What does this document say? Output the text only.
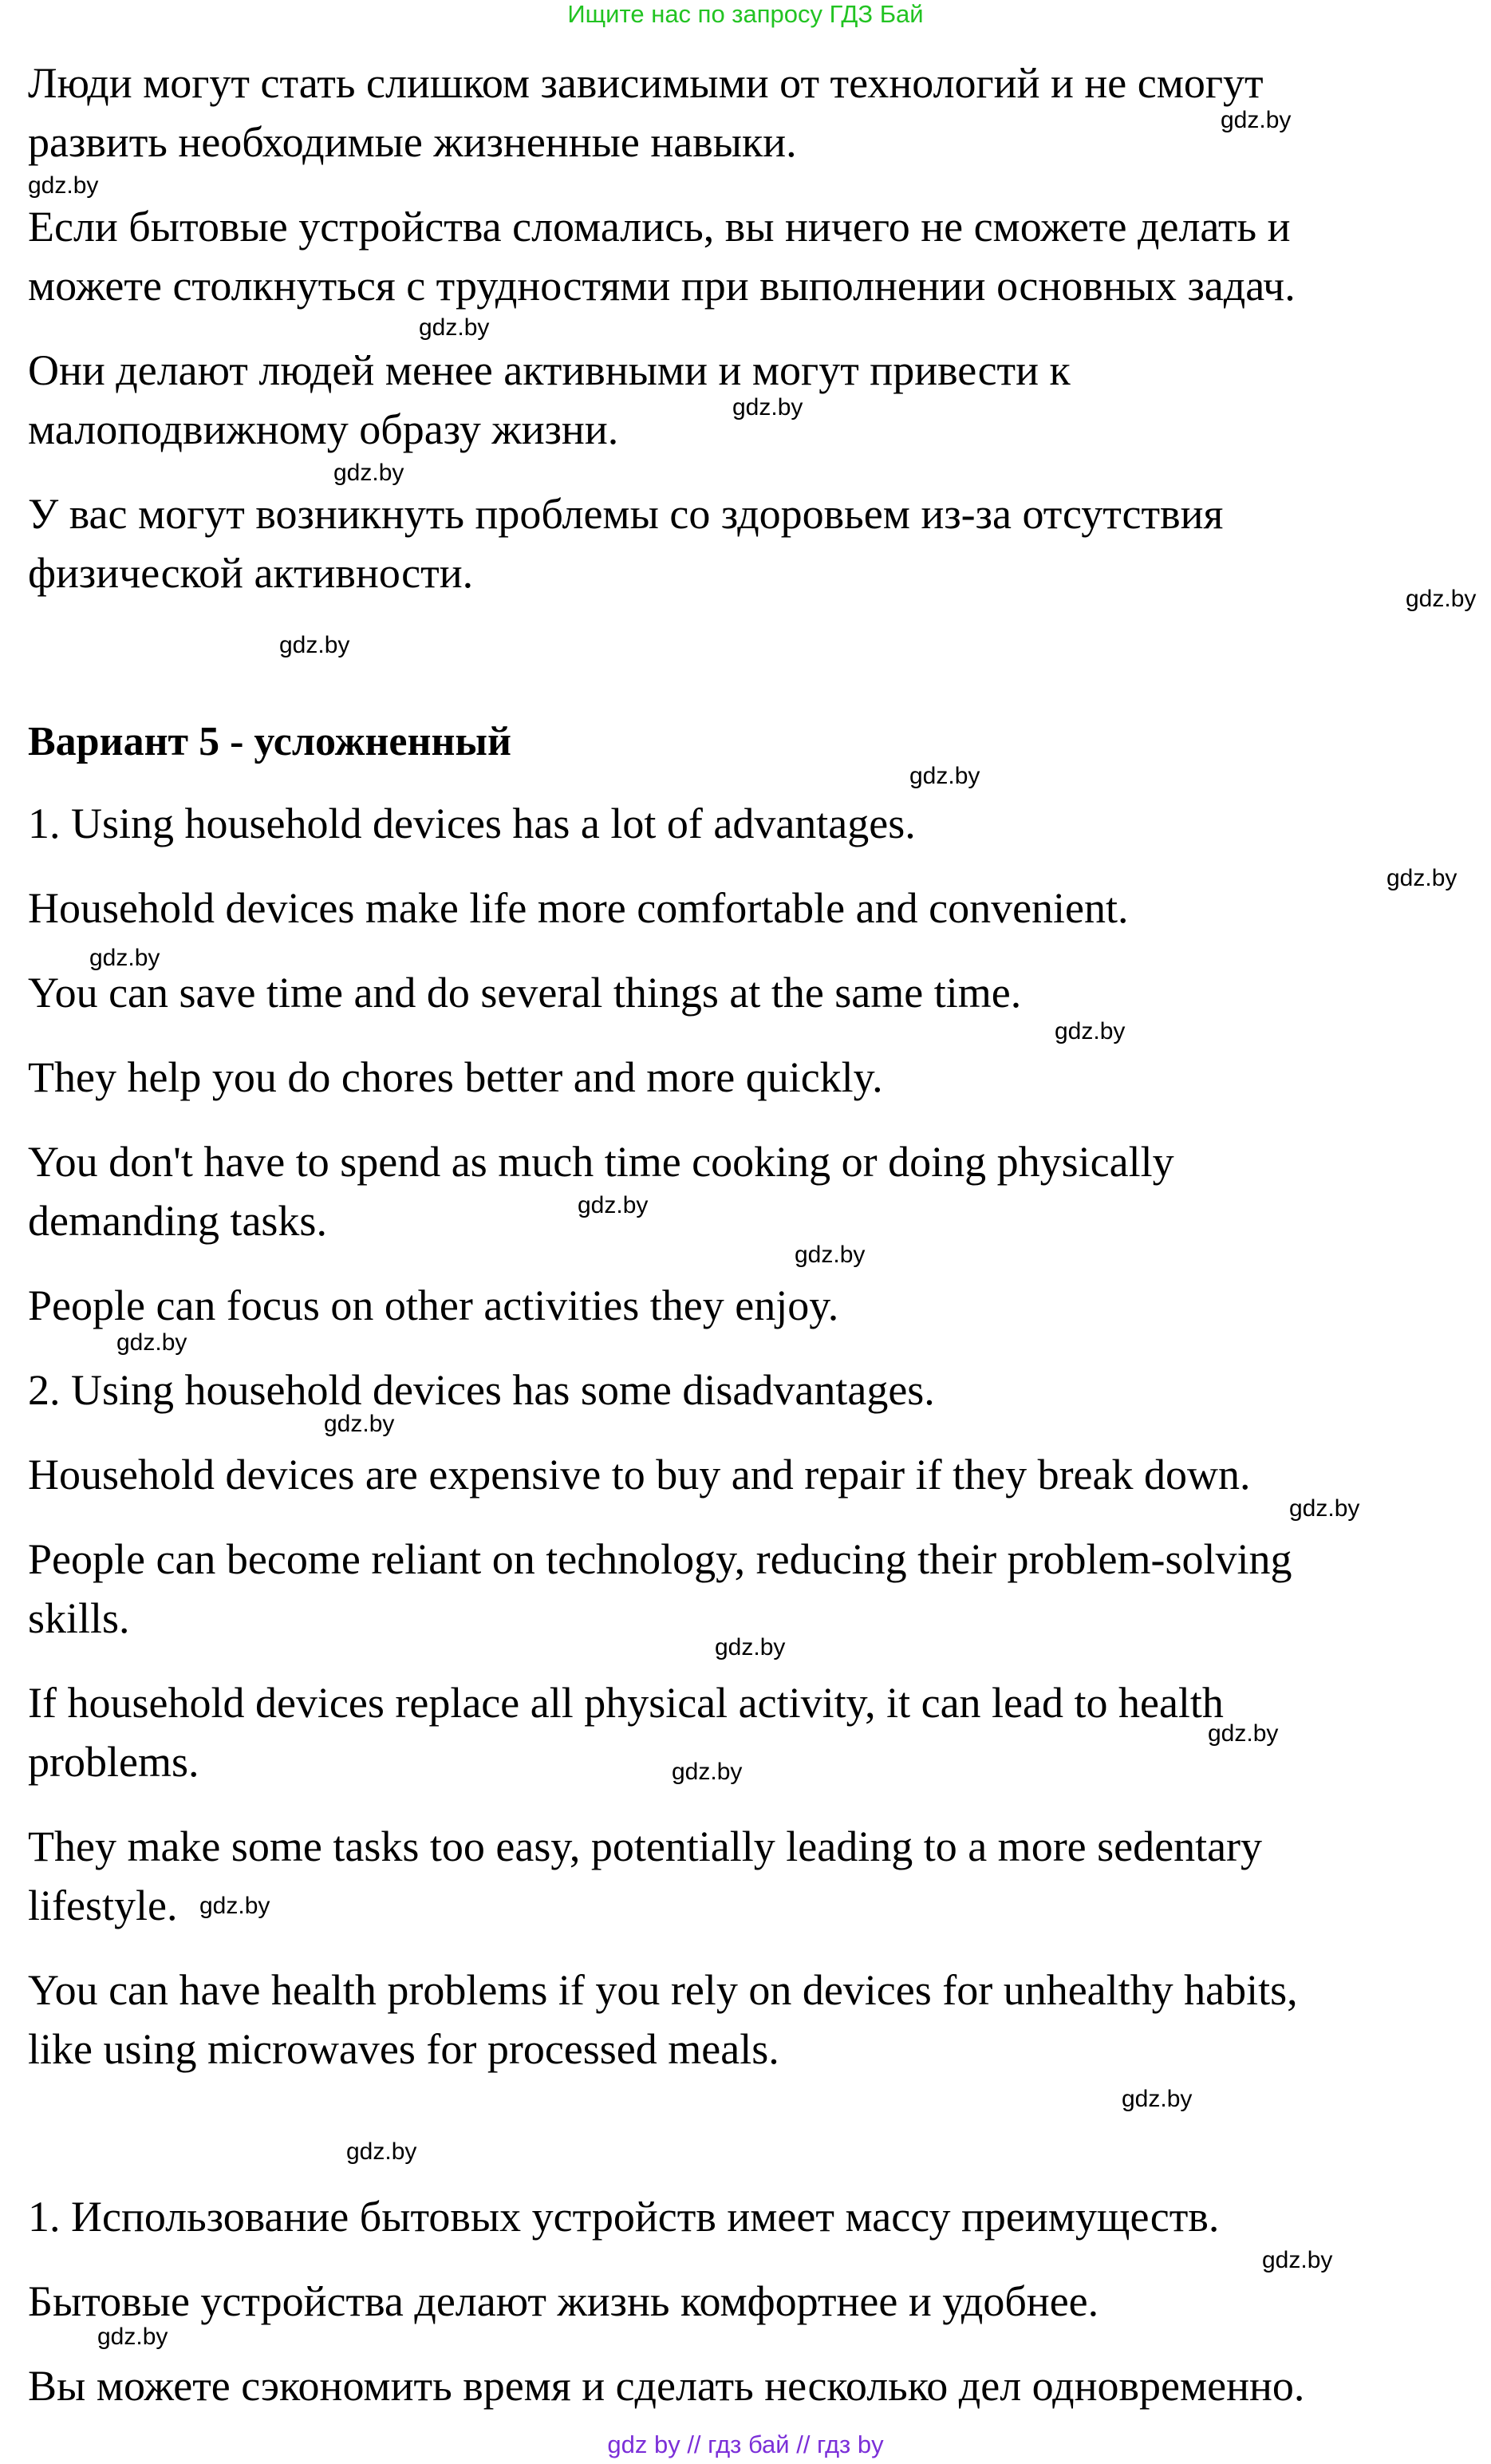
Ищите нас по запросу ГДЗ Бай

Люди могут стать слишком зависимыми от технологий и не смогут

развить необходимые жизненные навыки.

Если бытовые устройства сломались, вы ничего не сможете делать и

можете столкнуться с трудностями при выполнении основных задач.

Они делают людей менее активными и могут привести к

малоподвижному образу жизни.

У вас могут возникнуть проблемы со здоровьем из-за отсутствия

физической активности.

Вариант 5 - усложненный

1. Using household devices has a lot of advantages.

Household devices make life more comfortable and convenient.

You can save time and do several things at the same time.

They help you do chores better and more quickly.

You don't have to spend as much time cooking or doing physically

demanding tasks.

People can focus on other activities they enjoy.

2. Using household devices has some disadvantages.

Household devices are expensive to buy and repair if they break down.

People can become reliant on technology, reducing their problem-solving

skills.

If household devices replace all physical activity, it can lead to health

problems.

They make some tasks too easy, potentially leading to a more sedentary

lifestyle.

You can have health problems if you rely on devices for unhealthy habits,

like using microwaves for processed meals.

1. Использование бытовых устройств имеет массу преимуществ.

Бытовые устройства делают жизнь комфортнее и удобнее.

Вы можете сэкономить время и сделать несколько дел одновременно.

gdz.by
gdz.by
gdz.by
gdz.by
gdz.by
gdz.by
gdz.by
gdz.by
gdz.by
gdz.by
gdz.by
gdz.by
gdz.by
gdz.by
gdz.by
gdz.by
gdz.by
gdz.by
gdz.by
gdz.by
gdz.by
gdz.by
gdz.by
gdz.by
gdz by // гдз бай // гдз by
